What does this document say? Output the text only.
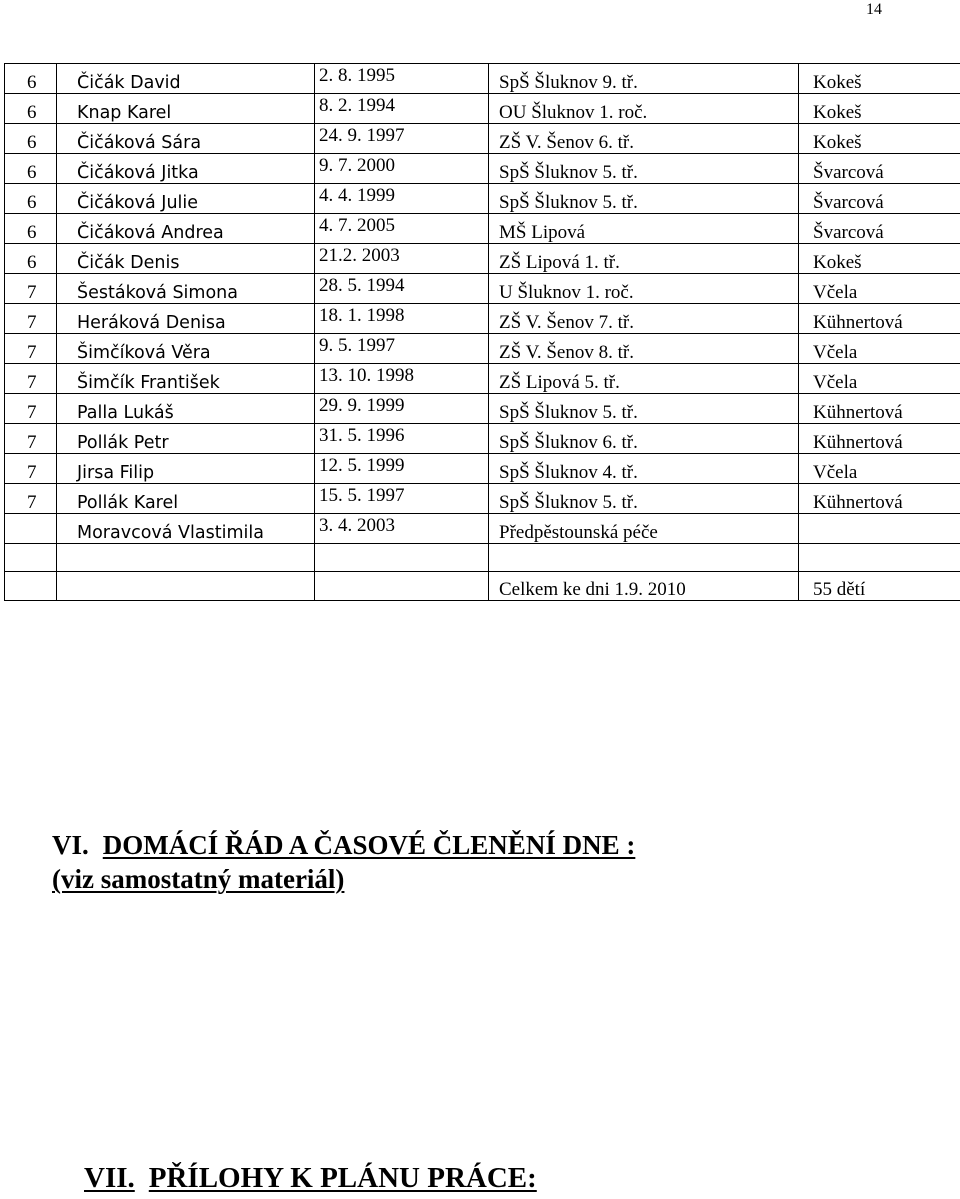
14
6	Čičák David	2. 8. 1995	SpŠ Šluknov 9. tř.	Kokeš
6	Knap Karel	8. 2. 1994	OU Šluknov 1. roč.	Kokeš
6	Čičáková Sára	24. 9. 1997	ZŠ V. Šenov 6. tř.	Kokeš
6	Čičáková Jitka	9. 7. 2000	SpŠ Šluknov 5. tř.	Švarcová
6	Čičáková Julie	4. 4. 1999	SpŠ Šluknov 5. tř.	Švarcová
6	Čičáková Andrea	4. 7. 2005	MŠ Lipová	Švarcová
6	Čičák Denis	21.2. 2003	ZŠ Lipová 1. tř.	Kokeš
7	Šestáková Simona	28. 5. 1994	U Šluknov 1. roč.	Včela
7	Heráková Denisa	18. 1. 1998	ZŠ V. Šenov 7. tř.	Kühnertová
7	Šimčíková Věra	9. 5. 1997	ZŠ V. Šenov 8. tř.	Včela
7	Šimčík František	13. 10. 1998	ZŠ Lipová 5. tř.	Včela
7	Palla Lukáš	29. 9. 1999	SpŠ Šluknov 5. tř.	Kühnertová
7	Pollák Petr	31. 5. 1996	SpŠ Šluknov 6. tř.	Kühnertová
7	Jirsa Filip	12. 5. 1999	SpŠ Šluknov 4. tř.	Včela
7	Pollák Karel	15. 5. 1997	SpŠ Šluknov 5. tř.	Kühnertová
	Moravcová Vlastimila	3. 4. 2003	Předpěstounská péče	

			Celkem ke dni 1.9. 2010	55 dětí
VI. DOMÁCÍ ŘÁD A ČASOVÉ ČLENĚNÍ DNE :
(viz samostatný materiál)
VII. PŘÍLOHY K PLÁNU PRÁCE:
